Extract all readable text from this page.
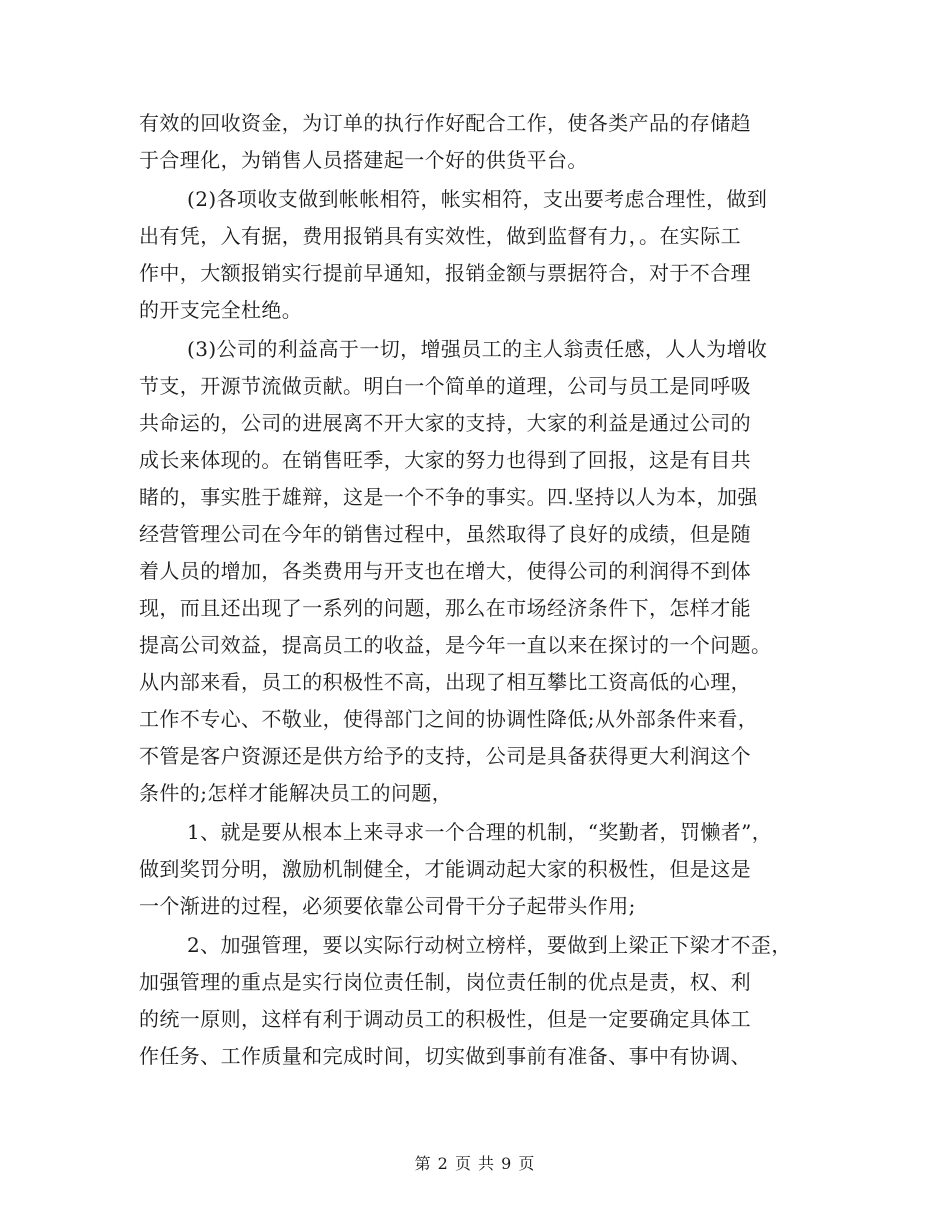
有效的回收资金，为订单的执行作好配合工作，使各类产品的存储趋
于合理化，为销售人员搭建起一个好的供货平台。
(2)各项收支做到帐帐相符，帐实相符，支出要考虑合理性，做到
出有凭，入有据，费用报销具有实效性，做到监督有力，。在实际工
作中，大额报销实行提前早通知，报销金额与票据符合，对于不合理
的开支完全杜绝。
(3)公司的利益高于一切，增强员工的主人翁责任感，人人为增收
节支，开源节流做贡献。明白一个简单的道理，公司与员工是同呼吸
共命运的，公司的进展离不开大家的支持，大家的利益是通过公司的
成长来体现的。在销售旺季，大家的努力也得到了回报，这是有目共
睹的，事实胜于雄辩，这是一个不争的事实。四.坚持以人为本，加强
经营管理公司在今年的销售过程中，虽然取得了良好的成绩，但是随
着人员的增加，各类费用与开支也在增大，使得公司的利润得不到体
现，而且还出现了一系列的问题，那么在市场经济条件下，怎样才能
提高公司效益，提高员工的收益，是今年一直以来在探讨的一个问题。
从内部来看，员工的积极性不高，出现了相互攀比工资高低的心理，
工作不专心、不敬业，使得部门之间的协调性降低;从外部条件来看，
不管是客户资源还是供方给予的支持，公司是具备获得更大利润这个
条件的;怎样才能解决员工的问题，
1、就是要从根本上来寻求一个合理的机制，“奖勤者，罚懒者”，
做到奖罚分明，激励机制健全，才能调动起大家的积极性，但是这是
一个渐进的过程，必须要依靠公司骨干分子起带头作用;
2、加强管理，要以实际行动树立榜样，要做到上梁正下梁才不歪，
加强管理的重点是实行岗位责任制，岗位责任制的优点是责，权、利
的统一原则，这样有利于调动员工的积极性，但是一定要确定具体工
作任务、工作质量和完成时间，切实做到事前有准备、事中有协调、
第 2 页 共 9 页
